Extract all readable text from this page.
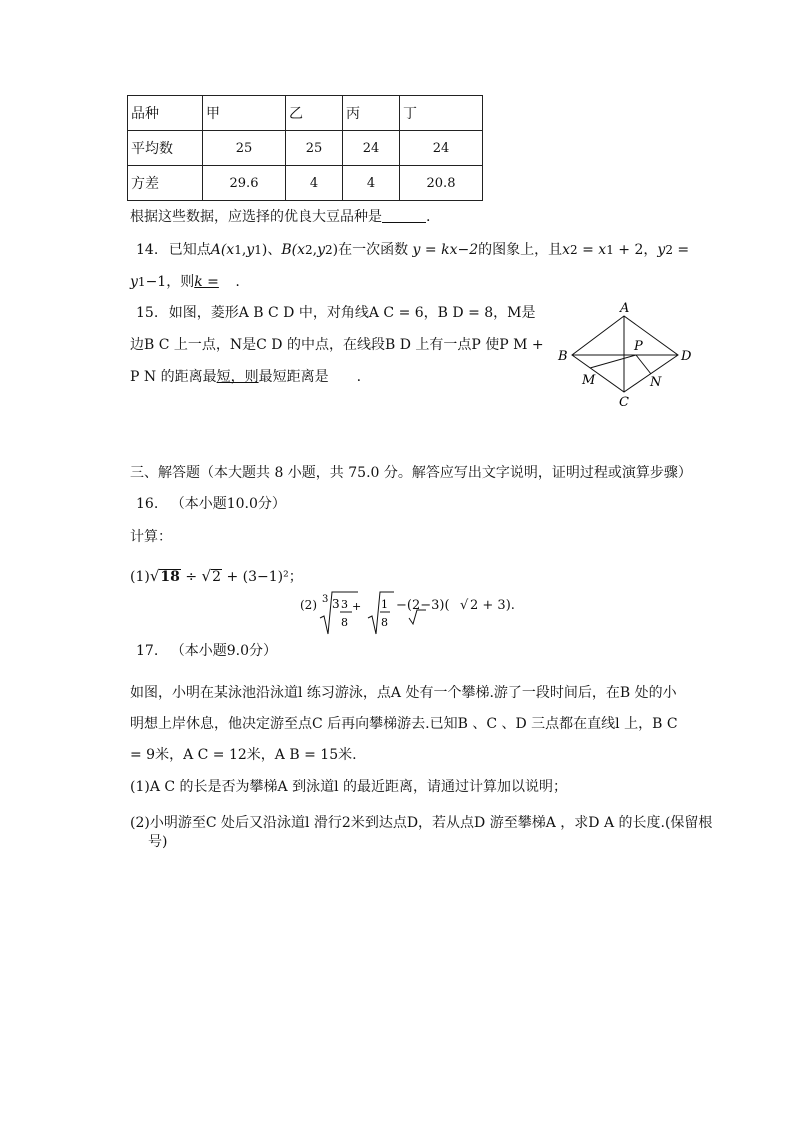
品种	甲	乙	丙	丁
平均数	25	25	24	24
方差	29.6	4	4	20.8
根据这些数据，应选择的优良大豆品种是	.
14. 已知点A(x1,y1)、B(x2,y2)在一次函数 y = kx−2的图象上，且x2 = x1 + 2，y2 =
y1−1，则k = .
15. 如图，菱形A B C D 中，对角线A C = 6，B D = 8，M是
边B C 上一点，N是C D 的中点，在线段B D 上有一点P 使P M +
P N 的距离最短，则最短距离是 .
A
B
C
D
P
M	N
三、解答题（本大题共 8 小题，共 75.0 分。解答应写出文字说明，证明过程或演算步骤）
16. （本小题10.0分）
计算：
(1)√18 ÷ √2 + (3−1)²；
(2) 3 3 3 +
8
1
8
−(2−3)( √ 2 + 3).
17. （本小题9.0分）
如图，小明在某泳池沿泳道l 练习游泳，点A 处有一个攀梯.游了一段时间后，在B 处的小
明想上岸休息，他决定游至点C 后再向攀梯游去.已知B 、C 、D 三点都在直线l 上，B C
= 9米，A C = 12米，A B = 15米.
(1)A C 的长是否为攀梯A 到泳道l 的最近距离，请通过计算加以说明；
(2)小明游至C 处后又沿泳道l 滑行2米到达点D，若从点D 游至攀梯A ，求D A 的长度.(保留根
号)
